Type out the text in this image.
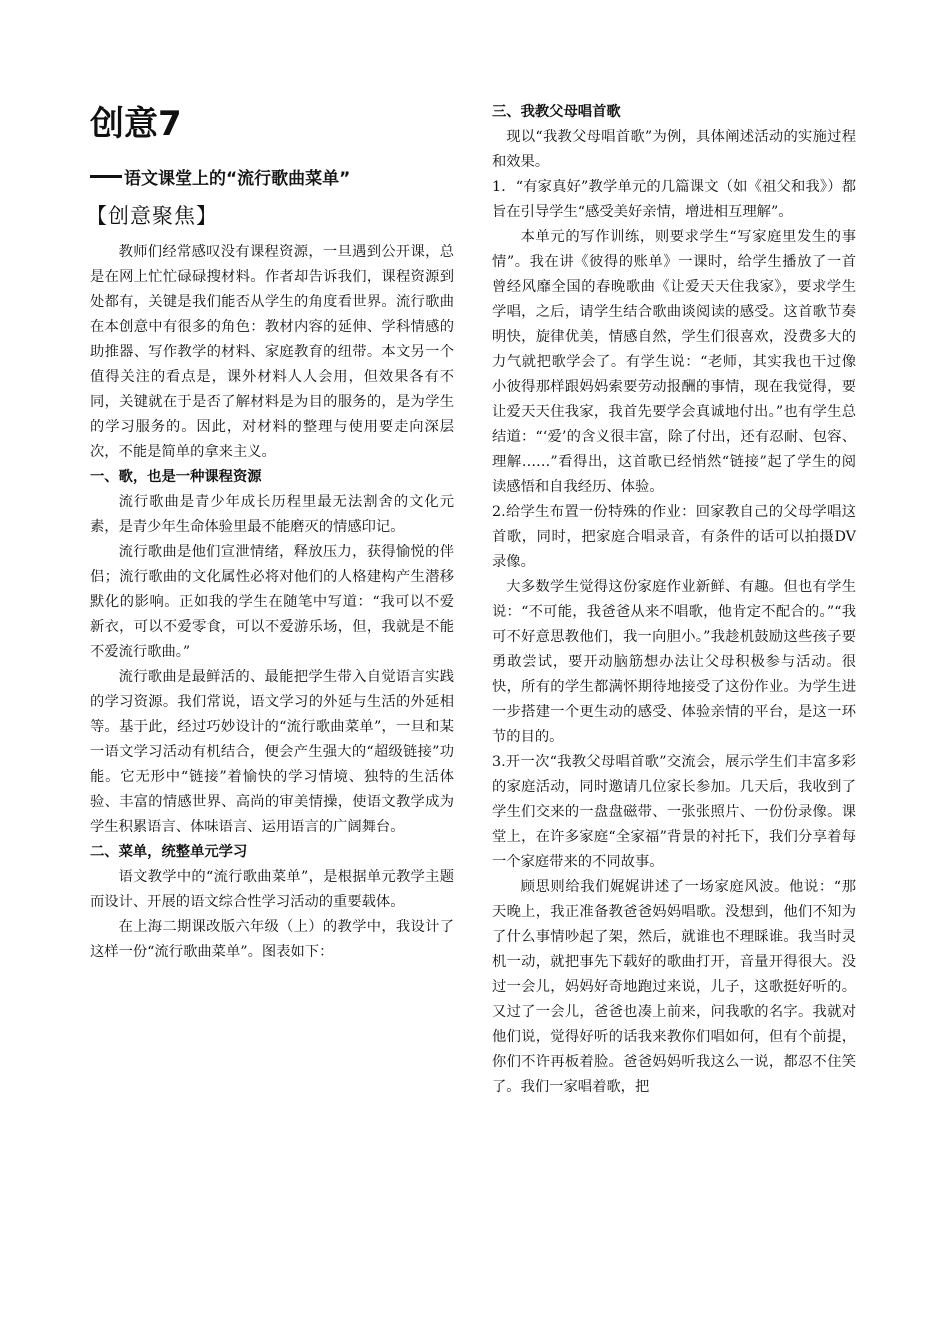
创意7
语文课堂上的“流行歌曲菜单”
【创意聚焦】

教师们经常感叹没有课程资源，一旦遇到公开课，总是在网上忙忙碌碌搜材料。作者却告诉我们，课程资源到处都有，关键是我们能否从学生的角度看世界。流行歌曲在本创意中有很多的角色：教材内容的延伸、学科情感的助推器、写作教学的材料、家庭教育的纽带。本文另一个值得关注的看点是，课外材料人人会用，但效果各有不同，关键就在于是否了解材料是为目的服务的，是为学生的学习服务的。因此，对材料的整理与使用要走向深层次，不能是简单的拿来主义。

一、歌，也是一种课程资源

流行歌曲是青少年成长历程里最无法割舍的文化元素，是青少年生命体验里最不能磨灭的情感印记。

流行歌曲是他们宣泄情绪，释放压力，获得愉悦的伴侣；流行歌曲的文化属性必将对他们的人格建构产生潜移默化的影响。正如我的学生在随笔中写道：“我可以不爱新衣，可以不爱零食，可以不爱游乐场，但，我就是不能不爱流行歌曲。”

流行歌曲是最鲜活的、最能把学生带入自觉语言实践的学习资源。我们常说，语文学习的外延与生活的外延相等。基于此，经过巧妙设计的“流行歌曲菜单”，一旦和某一语文学习活动有机结合，便会产生强大的“超级链接”功能。它无形中“链接”着愉快的学习情境、独特的生活体验、丰富的情感世界、高尚的审美情操，使语文教学成为学生积累语言、体味语言、运用语言的广阔舞台。

二、菜单，统整单元学习

语文教学中的“流行歌曲菜单”，是根据单元教学主题而设计、开展的语文综合性学习活动的重要载体。

在上海二期课改版六年级（上）的教学中，我设计了这样一份“流行歌曲菜单”。图表如下：

三、我教父母唱首歌

现以“我教父母唱首歌”为例，具体阐述活动的实施过程和效果。

1．“有家真好”教学单元的几篇课文（如《祖父和我》）都旨在引导学生“感受美好亲情，增进相互理解”。

本单元的写作训练，则要求学生“写家庭里发生的事情”。我在讲《彼得的账单》一课时，给学生播放了一首曾经风靡全国的春晚歌曲《让爱天天住我家》，要求学生学唱，之后，请学生结合歌曲谈阅读的感受。这首歌节奏明快，旋律优美，情感自然，学生们很喜欢，没费多大的力气就把歌学会了。有学生说：“老师，其实我也干过像小彼得那样跟妈妈索要劳动报酬的事情，现在我觉得，要让爱天天住我家，我首先要学会真诚地付出。”也有学生总结道：“‘爱’的含义很丰富，除了付出，还有忍耐、包容、理解……”看得出，这首歌已经悄然“链接”起了学生的阅读感悟和自我经历、体验。

2.给学生布置一份特殊的作业：回家教自己的父母学唱这首歌，同时，把家庭合唱录音，有条件的话可以拍摄DV 录像。

大多数学生觉得这份家庭作业新鲜、有趣。但也有学生说：“不可能，我爸爸从来不唱歌，他肯定不配合的。”“我可不好意思教他们，我一向胆小。”我趁机鼓励这些孩子要勇敢尝试，要开动脑筋想办法让父母积极参与活动。很快，所有的学生都满怀期待地接受了这份作业。为学生进一步搭建一个更生动的感受、体验亲情的平台，是这一环节的目的。

3.开一次“我教父母唱首歌”交流会，展示学生们丰富多彩的家庭活动，同时邀请几位家长参加。几天后，我收到了学生们交来的一盘盘磁带、一张张照片、一份份录像。课堂上，在许多家庭“全家福”背景的衬托下，我们分享着每一个家庭带来的不同故事。

顾思则给我们娓娓讲述了一场家庭风波。他说：“那天晚上，我正准备教爸爸妈妈唱歌。没想到，他们不知为了什么事情吵起了架，然后，就谁也不理睬谁。我当时灵机一动，就把事先下载好的歌曲打开，音量开得很大。没过一会儿，妈妈好奇地跑过来说，儿子，这歌挺好听的。又过了一会儿，爸爸也凑上前来，问我歌的名字。我就对他们说，觉得好听的话我来教你们唱如何，但有个前提，你们不许再板着脸。爸爸妈妈听我这么一说，都忍不住笑了。我们一家唱着歌，把
